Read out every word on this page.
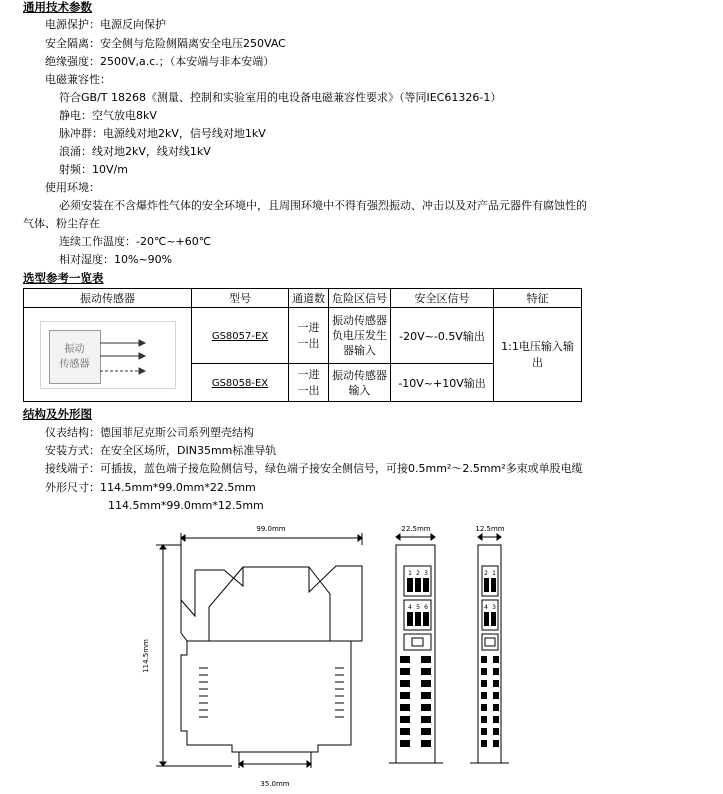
通用技术参数
电源保护：电源反向保护
安全隔离：安全侧与危险侧隔离安全电压250VAC
绝缘强度：2500V,a.c.；（本安端与非本安端）
电磁兼容性：
符合GB/T 18268《测量、控制和实验室用的电设备电磁兼容性要求》（等同IEC61326-1）
静电：空气放电8kV
脉冲群：电源线对地2kV，信号线对地1kV
浪涌：线对地2kV，线对线1kV
射频：10V/m
使用环境：
必须安装在不含爆炸性气体的安全环境中，且周围环境中不得有强烈振动、冲击以及对产品元器件有腐蚀性的
气体、粉尘存在
连续工作温度：-20℃~+60℃
相对湿度：10%~90%
选型参考一览表
振动传感器	型号	通道数	危险区信号	安全区信号	特征

振动
传感器	GS8057-EX	一进一出	振动传感器负电压发生器输入	-20V~-0.5V输出	1:1电压输入输出
	GS8058-EX	一进一出	振动传感器输入	-10V~+10V输出	
结构及外形图
仪表结构：德国菲尼克斯公司系列塑壳结构
安装方式：在安全区场所，DIN35mm标准导轨
接线端子：可插拔，蓝色端子接危险侧信号，绿色端子接安全侧信号，可接0.5mm²～2.5mm²多束或单股电缆
外形尺寸：114.5mm*99.0mm*22.5mm
114.5mm*99.0mm*12.5mm
99.0mm
35.0mm
114.5mm
22.5mm	12.5mm
1 2 3
4 5 6
2 1
4 3
